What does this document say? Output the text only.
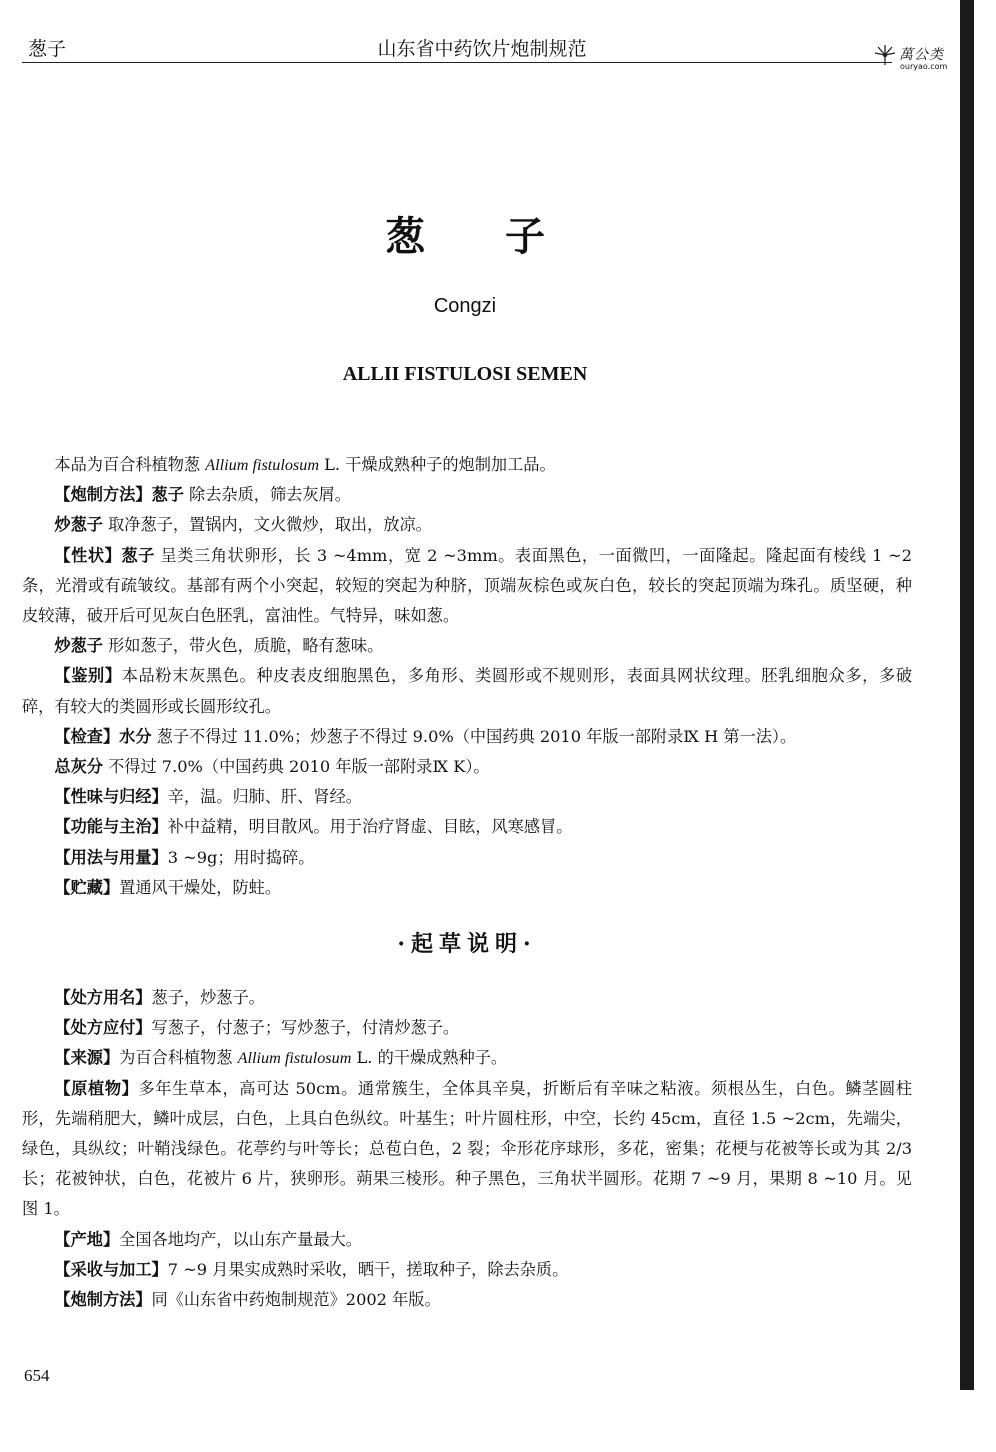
葱子	山东省中药饮片炮制规范	萬公类
ouryao.com
葱子
Congzi
ALLII FISTULOSI SEMEN

本品为百合科植物葱 Allium fistulosum L. 干燥成熟种子的炮制加工品。

【炮制方法】葱子 除去杂质，筛去灰屑。

炒葱子 取净葱子，置锅内，文火微炒，取出，放凉。

【性状】葱子 呈类三角状卵形，长 3 ~4mm，宽 2 ~3mm。表面黑色，一面微凹，一面隆起。隆起面有棱线 1 ~2 条，光滑或有疏皱纹。基部有两个小突起，较短的突起为种脐，顶端灰棕色或灰白色，较长的突起顶端为珠孔。质坚硬，种皮较薄，破开后可见灰白色胚乳，富油性。气特异，味如葱。

炒葱子 形如葱子，带火色，质脆，略有葱味。

【鉴别】本品粉末灰黑色。种皮表皮细胞黑色，多角形、类圆形或不规则形，表面具网状纹理。胚乳细胞众多，多破碎，有较大的类圆形或长圆形纹孔。

【检查】水分 葱子不得过 11.0%；炒葱子不得过 9.0%（中国药典 2010 年版一部附录Ⅸ H 第一法）。

总灰分 不得过 7.0%（中国药典 2010 年版一部附录Ⅸ K）。

【性味与归经】辛，温。归肺、肝、肾经。

【功能与主治】补中益精，明目散风。用于治疗肾虚、目眩，风寒感冒。

【用法与用量】3 ~9g；用时捣碎。

【贮藏】置通风干燥处，防蛀。

·起草说明·

【处方用名】葱子，炒葱子。

【处方应付】写葱子，付葱子；写炒葱子，付清炒葱子。

【来源】为百合科植物葱 Allium fistulosum L. 的干燥成熟种子。

【原植物】多年生草本，高可达 50cm。通常簇生，全体具辛臭，折断后有辛味之粘液。须根丛生，白色。鳞茎圆柱形，先端稍肥大，鳞叶成层，白色，上具白色纵纹。叶基生；叶片圆柱形，中空，长约 45cm，直径 1.5 ~2cm，先端尖，绿色，具纵纹；叶鞘浅绿色。花葶约与叶等长；总苞白色，2 裂；伞形花序球形，多花，密集；花梗与花被等长或为其 2/3 长；花被钟状，白色，花被片 6 片，狭卵形。蒴果三棱形。种子黑色，三角状半圆形。花期 7 ~9 月，果期 8 ~10 月。见图 1。

【产地】全国各地均产，以山东产量最大。

【采收与加工】7 ~9 月果实成熟时采收，晒干，搓取种子，除去杂质。

【炮制方法】同《山东省中药炮制规范》2002 年版。

654
